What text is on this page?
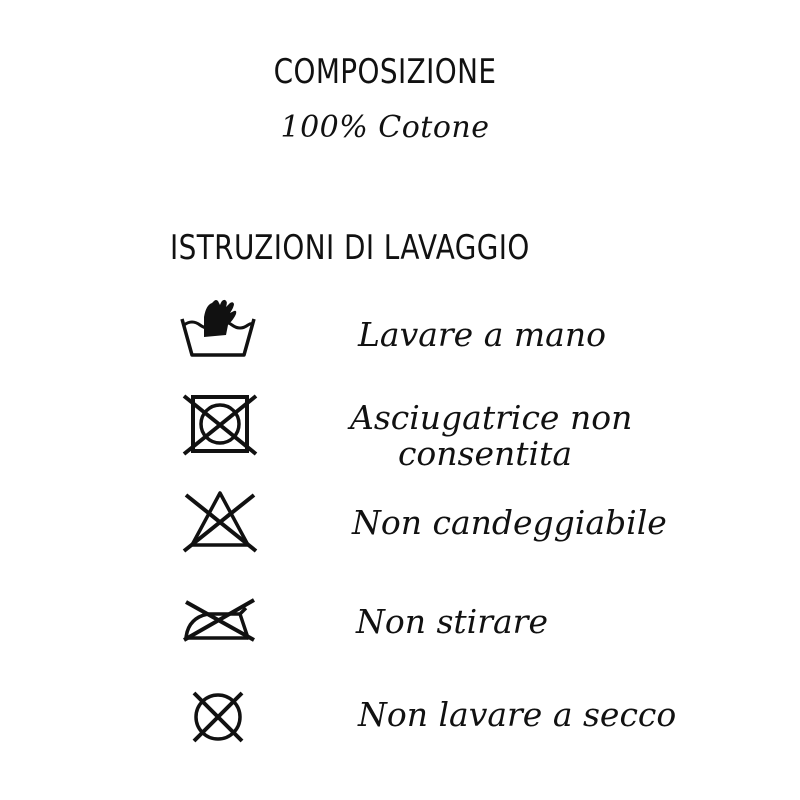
COMPOSIZIONE
100% Cotone
ISTRUZIONI DI LAVAGGIO
Lavare a mano
Asciugatrice non
consentita
Non candeggiabile
Non stirare
Non lavare a secco
